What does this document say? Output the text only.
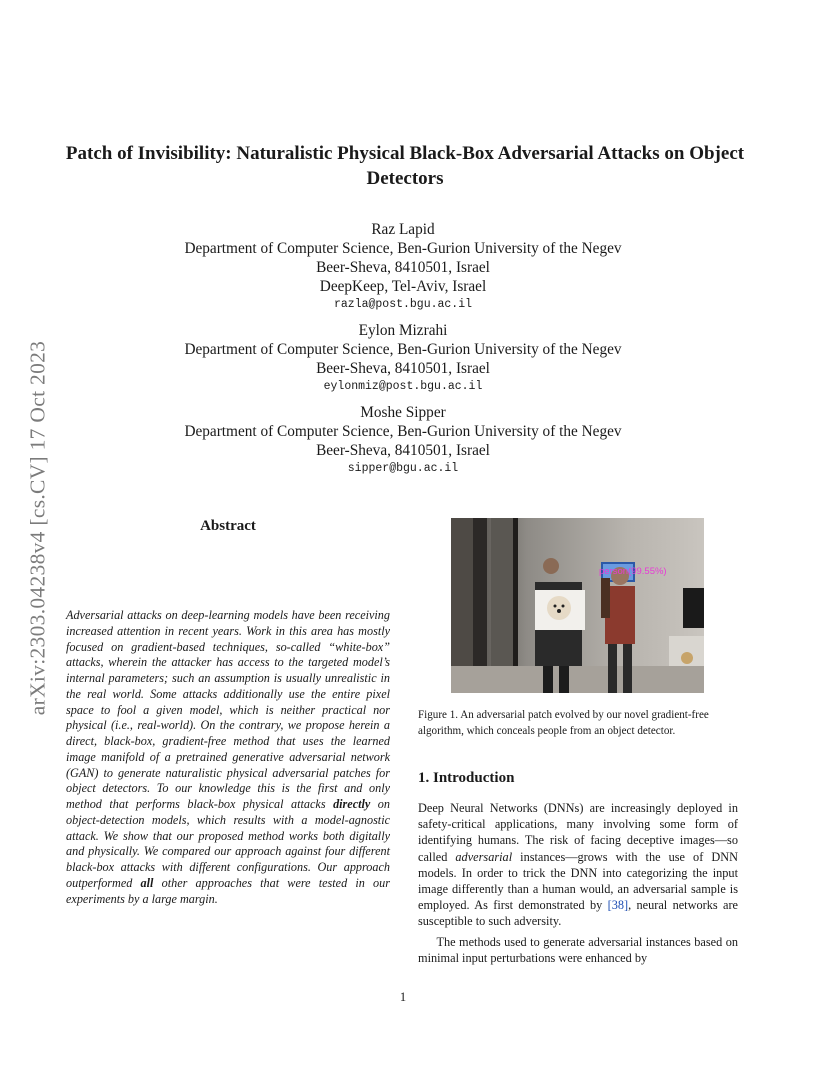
arXiv:2303.04238v4 [cs.CV] 17 Oct 2023
Patch of Invisibility: Naturalistic Physical Black-Box Adversarial Attacks on Object Detectors
Raz Lapid
Department of Computer Science, Ben-Gurion University of the Negev
Beer-Sheva, 8410501, Israel
DeepKeep, Tel-Aviv, Israel
razla@post.bgu.ac.il
Eylon Mizrahi
Department of Computer Science, Ben-Gurion University of the Negev
Beer-Sheva, 8410501, Israel
eylonmiz@post.bgu.ac.il
Moshe Sipper
Department of Computer Science, Ben-Gurion University of the Negev
Beer-Sheva, 8410501, Israel
sipper@bgu.ac.il
Abstract
Adversarial attacks on deep-learning models have been receiving increased attention in recent years. Work in this area has mostly focused on gradient-based techniques, so-called “white-box” attacks, wherein the attacker has access to the targeted model’s internal parameters; such an assumption is usually unrealistic in the real world. Some attacks additionally use the entire pixel space to fool a given model, which is neither practical nor physical (i.e., real-world). On the contrary, we propose herein a direct, black-box, gradient-free method that uses the learned image manifold of a pretrained generative adversarial network (GAN) to generate naturalistic physical adversarial patches for object detectors. To our knowledge this is the first and only method that performs black-box physical attacks directly on object-detection models, which results with a model-agnostic attack. We show that our proposed method works both digitally and physically. We compared our approach against four different black-box attacks with different configurations. Our approach outperformed all other approaches that were tested in our experiments by a large margin.
person(99.55%)
Figure 1. An adversarial patch evolved by our novel gradient-free algorithm, which conceals people from an object detector.
1. Introduction

Deep Neural Networks (DNNs) are increasingly deployed in safety-critical applications, many involving some form of identifying humans. The risk of facing deceptive images—so called adversarial instances—grows with the use of DNN models. In order to trick the DNN into categorizing the input image differently than a human would, an adversarial sample is employed. As first demonstrated by [38], neural networks are susceptible to such adversity.

The methods used to generate adversarial instances based on minimal input perturbations were enhanced by

1
